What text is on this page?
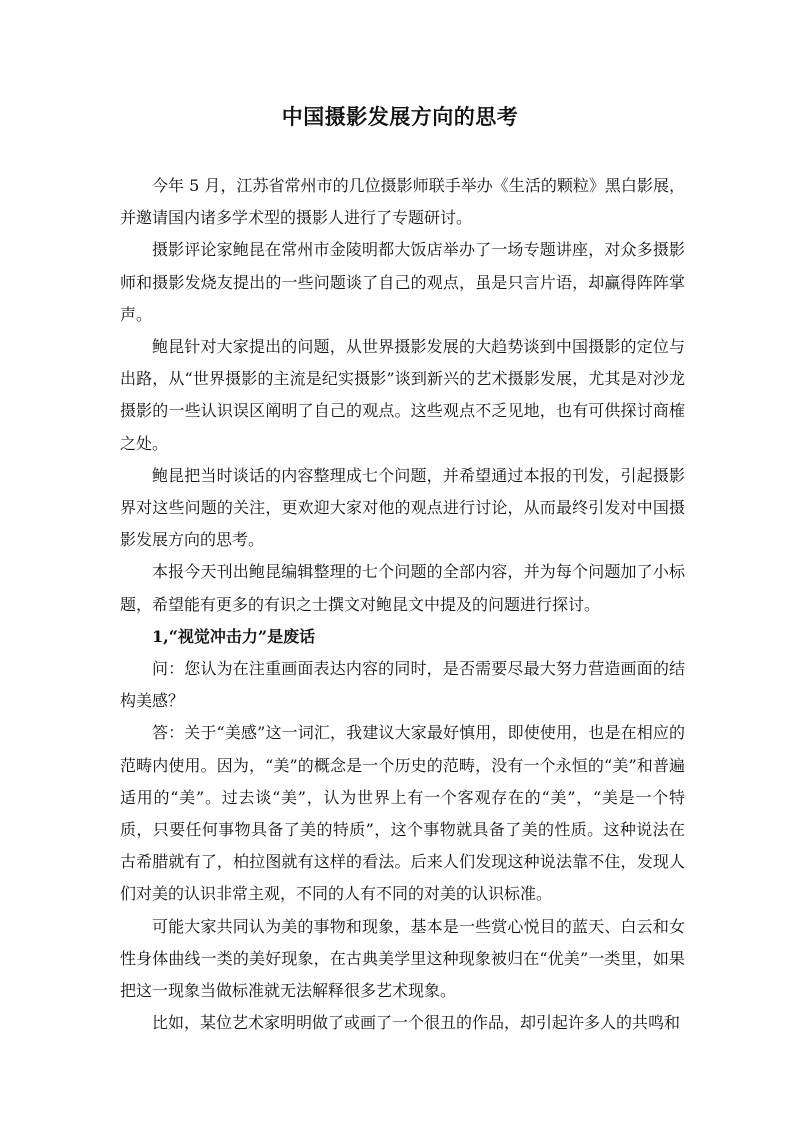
中国摄影发展方向的思考

今年 5 月，江苏省常州市的几位摄影师联手举办《生活的颗粒》黑白影展，并邀请国内诸多学术型的摄影人进行了专题研讨。

摄影评论家鲍昆在常州市金陵明都大饭店举办了一场专题讲座，对众多摄影师和摄影发烧友提出的一些问题谈了自己的观点，虽是只言片语，却赢得阵阵掌声。

鲍昆针对大家提出的问题，从世界摄影发展的大趋势谈到中国摄影的定位与出路，从“世界摄影的主流是纪实摄影”谈到新兴的艺术摄影发展，尤其是对沙龙摄影的一些认识误区阐明了自己的观点。这些观点不乏见地，也有可供探讨商榷之处。

鲍昆把当时谈话的内容整理成七个问题，并希望通过本报的刊发，引起摄影界对这些问题的关注，更欢迎大家对他的观点进行讨论，从而最终引发对中国摄影发展方向的思考。

本报今天刊出鲍昆编辑整理的七个问题的全部内容，并为每个问题加了小标题，希望能有更多的有识之士撰文对鲍昆文中提及的问题进行探讨。

1,“视觉冲击力”是废话

问：您认为在注重画面表达内容的同时，是否需要尽最大努力营造画面的结构美感？

答：关于“美感”这一词汇，我建议大家最好慎用，即使使用，也是在相应的范畴内使用。因为，“美”的概念是一个历史的范畴，没有一个永恒的“美”和普遍适用的“美”。过去谈“美”，认为世界上有一个客观存在的“美”，“美是一个特质，只要任何事物具备了美的特质”，这个事物就具备了美的性质。这种说法在古希腊就有了，柏拉图就有这样的看法。后来人们发现这种说法靠不住，发现人们对美的认识非常主观，不同的人有不同的对美的认识标准。

可能大家共同认为美的事物和现象，基本是一些赏心悦目的蓝天、白云和女性身体曲线一类的美好现象，在古典美学里这种现象被归在“优美”一类里，如果把这一现象当做标准就无法解释很多艺术现象。

比如，某位艺术家明明做了或画了一个很丑的作品，却引起许多人的共鸣和
